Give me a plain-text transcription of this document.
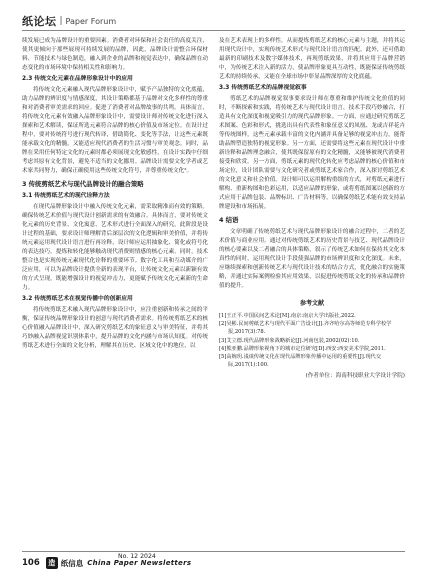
纸论坛 | Paper Forum

续发展已成为品牌设计的重要因素。消费者对环保和社会责任的高度关注，使其更倾向于那些展现可持续发展的品牌，因此，品牌设计需整合环保材料、节能技术与绿色制造，融入到企业的品牌和视觉表达中，确保品牌在动态变化的市场环境中保持相关性和影响力。

2.3 传统文化元素在品牌形象设计中的应用

将传统文化元素融入现代品牌形象设计中，赋予产品独特的文化底蕴，助力品牌的辨识度与情感深度，其设计策略都基于品牌对文化多样性的尊重和对消费者审美需求的回应。促进了消费者对品牌故事的共鸣。具体而言，将传统文化元素有效融入品牌形象设计中，需要设计师对传统文化进行深入探索和艺术解读，保证所选元素符合品牌的核心价值及市场定位。在设计过程中，要对传统符号进行现代转译，借助简化、变化等手法，让这些元素既能承载文化的精髓，又能适应现代消费者的生活习惯与审美观念。同时，品牌在采用任何特定文化的元素时都必须展现文化敏感性，在设计实践中仔细考虑其原有文化背景，避免不适当的文化挪用。品牌设计需要文化学者或艺术家共同努力，确保正确使用这些传统文化符号，并尊重传统文化²。

3 传统剪纸艺术与现代品牌设计的融合策略
3.1 传统剪纸艺术的现代诠释方法

在现代品牌形象设计中融入传统文化元素，需采取精准而有效的策略。确保传统艺术价值与现代设计创新需求的有效融合。具体而言，要对传统文化元素的历史背景、文化寓意、艺术形式进行全面深入的研究。此阶段是设计过程的基础，要求设计师理解背后深层次的文化逻辑和审美价值，并将传统元素运用现代设计语言进行再诠释，设计师应运用抽象化、简化或符号化的表达技巧，提炼和转化能够触动现代消费则情感的核心元素。同时，技术整合也是实现传统元素现代化诠释的重要环节。数字化工具和互动媒介的广泛应用，可以为品牌设计提供全新的表现平台，让传统文化元素以新颖有效的方式呈现，既能增强设计的视觉冲击力，更能赋予传统文化元素新的生命力。

3.2 传统剪纸艺术在视觉传播中的创新应用

将传统剪纸艺术融入现代品牌形象设计中，应注重创新和传承之间的平衡，保证传统品牌形象设计的创意与现代消费者需求。将传统剪纸艺术的核心价值融入品牌设计中，深入研究剪纸艺术的象征意义与审美特征，并将其巧妙融入品牌视觉识别体系中，提升品牌的文化内涵与市场认知度。对传统剪纸艺术进行全面的文化分析，理解其在历史、区域文化中的地位，以

及在艺术表现上的多样性，从而提炼剪纸艺术的核心元素与主题，并将其运用现代设计中，实现传统艺术形式与现代设计语言的匹配。此外，还可借助最新的印刷技术及数字媒体技术，再现剪纸效果，并将其应用于品牌营销中，为传统艺术注入新的活力，使品牌形象更具互动性，既能保证传统剪纸艺术的持续传承，又能在全球市场中彰显品牌深厚的文化底蕴。

3.3 传统剪纸艺术的品牌视觉叙事

剪纸艺术的品牌视觉叙事要求设计师在尊重和维护传统文化价值的同时，不断探索和实践，将传统艺术与现代设计语言，技术手段巧妙融合，打造具有文化深度和视觉吸引力的现代品牌形象。一方面，应通过研究剪纸艺术图案、色彩和形式，挑选出具有代表性和象征意义的凤凰、龙或吉祥花卉等传统图样，这些元素承载丰富的文化内涵并具备足够的视觉冲击力，能帮助品牌塑造独特的视觉形象。另一方面，还需要将这些元素在现代设计中重新诠释和品牌理念融合，使其既保留原有的文化精髓，又能够被现代消费者接受和欣赏。另一方面，剪纸元素的现代化转化应考虑品牌的核心价值和市场定位，设计团队需要与文化研究者或剪纸艺术家合作，深入探讨剪纸艺术的文化意义和社会价值。设计师可以运用解构重组的方式，对剪纸元素进行解构、重新构图和色彩运用，以适应品牌的形象，或将剪纸图案以创新的方式应用于品牌包装、品牌标识、广告材料等，以确保剪纸艺术能有效支持品牌建设和市场拓展。

4 结语

文章明确了传统剪纸艺术与现代品牌形象设计的融合过程中，二者的艺术价值与商业应用。通过对传统剪纸艺术的历史背景与技艺、现代品牌设计的核心要素以及二者融合的具体策略，叙示了传统艺术如何在保持其文化本真性的同时，运用现代设计手段使强品牌的市场辨识度和文化深度。未来，应继续探索和创新传统艺术与现代设计技术的结合方式，优化融合的实施策略，并通过实际案例检验其应用效果，以促进传统剪纸文化的传承和品牌价值的提升。

参考文献
[1]王正平.中国民间艺术论[M].南京:南京大学出版社,2022.
[2]吴彬.民间剪纸艺术与现代平面广告设计[J].齐齐哈尔高等师范专科学校学报,2017(3):78.
[3]艾立德.现代品牌形象战略新论[J].河南包装,2002(02):10.
[4]熊亚鹏.品牌形象视角下的城市定位研究[D].西安:西安美术学院,2011.
[5]高婉玥.浅谈传统文化在现代品牌形象传播中运用的重要性[J].现代交际,2017(1):100.
(作者单位：海南科技职业大学设计学院)
106	造 纸信息 China Paper Newsletters
No. 12 2024
